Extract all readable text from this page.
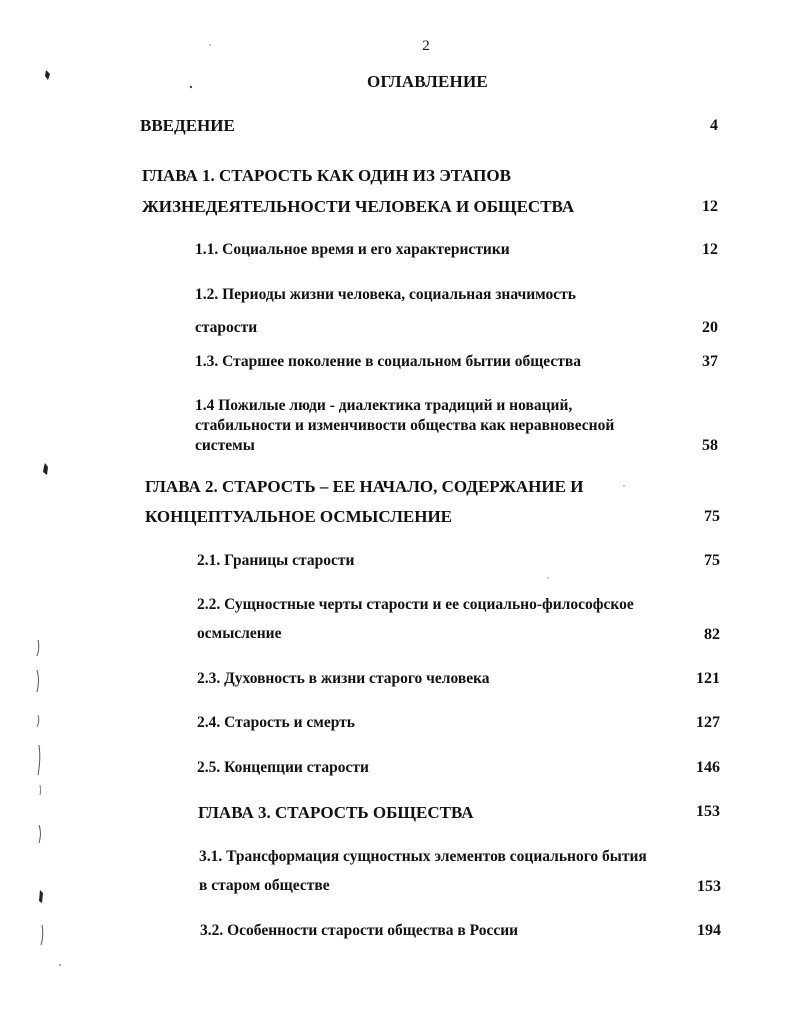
2
ОГЛАВЛЕНИЕ
ВВЕДЕНИЕ	4
ГЛАВА 1. СТАРОСТЬ КАК ОДИН ИЗ ЭТАПОВ
ЖИЗНЕДЕЯТЕЛЬНОСТИ ЧЕЛОВЕКА И ОБЩЕСТВА	12
1.1. Социальное время и его характеристики	12
1.2. Периоды жизни человека, социальная значимость
старости	20
1.3. Старшее поколение в социальном бытии общества	37
1.4 Пожилые люди - диалектика традиций и новаций,
стабильности и изменчивости общества как неравновесной
системы	58
ГЛАВА 2. СТАРОСТЬ – ЕЕ НАЧАЛО, СОДЕРЖАНИЕ И
КОНЦЕПТУАЛЬНОЕ ОСМЫСЛЕНИЕ	75
2.1. Границы старости	75
2.2. Сущностные черты старости и ее социально-философское
осмысление	82
2.3. Духовность в жизни старого человека	121
2.4. Старость и смерть	127
2.5. Концепции старости	146
ГЛАВА 3. СТАРОСТЬ ОБЩЕСТВА	153
3.1. Трансформация сущностных элементов социального бытия
в старом обществе	153
3.2. Особенности старости общества в России	194
